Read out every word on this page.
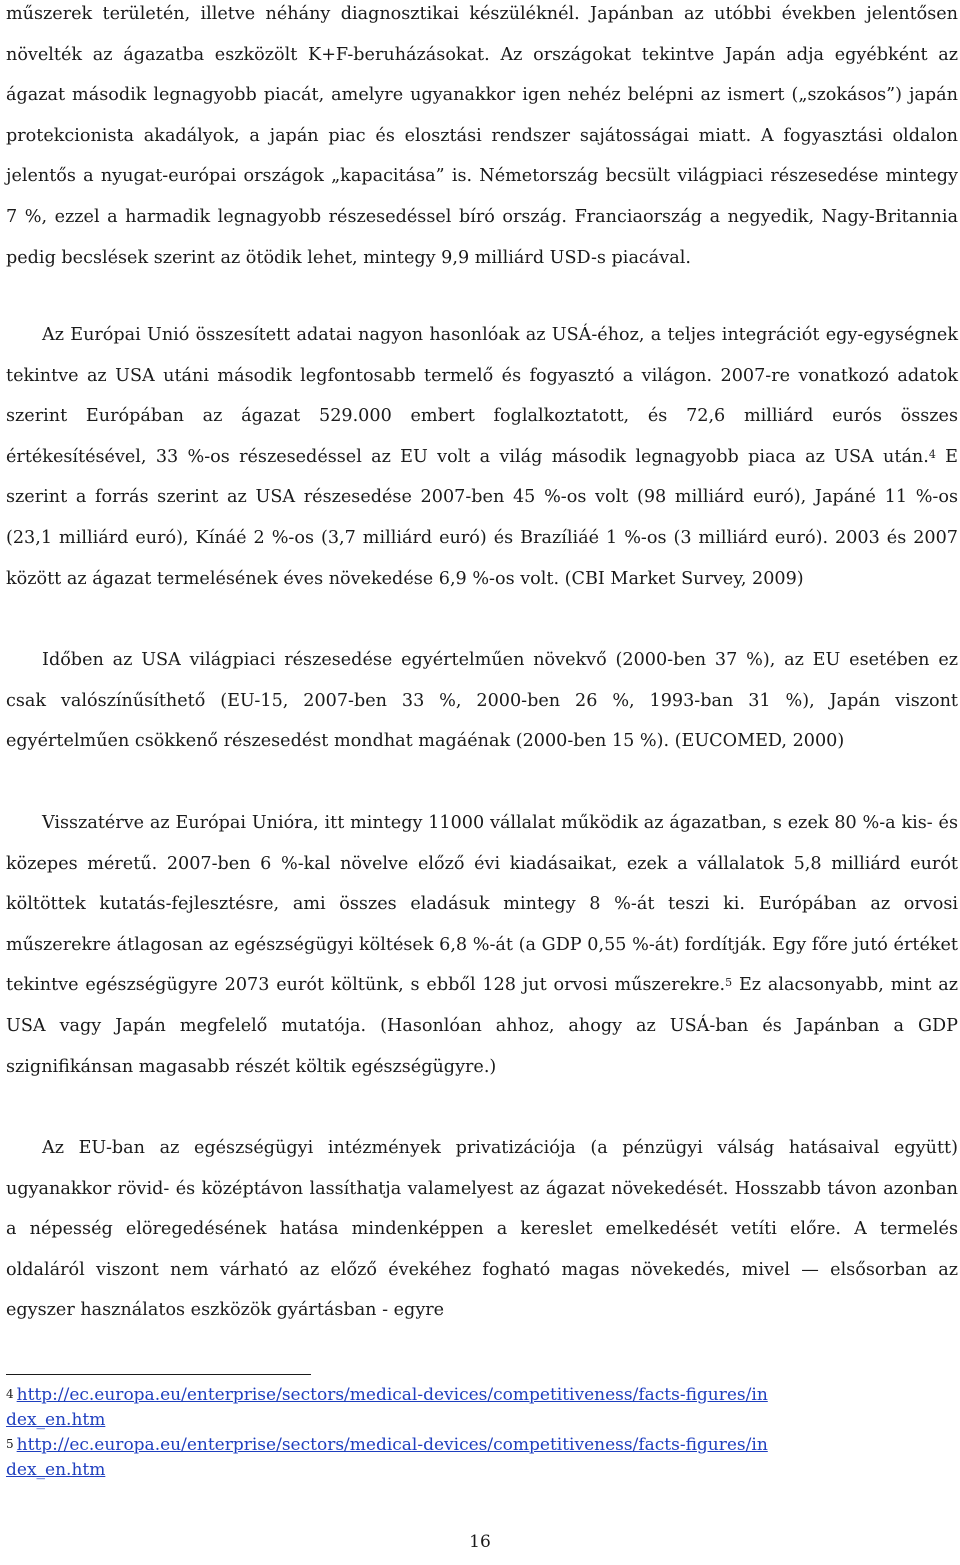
műszerek területén, illetve néhány diagnosztikai készüléknél. Japánban az utóbbi években jelentősen növelték az ágazatba eszközölt K+F-beruházásokat. Az országokat tekintve Japán adja egyébként az ágazat második legnagyobb piacát, amelyre ugyanakkor igen nehéz belépni az ismert („szokásos”) japán protekcionista akadályok, a japán piac és elosztási rendszer sajátosságai miatt. A fogyasztási oldalon jelentős a nyugat-európai országok „kapacitása” is. Németország becsült világpiaci részesedése mintegy 7 %, ezzel a harmadik legnagyobb részesedéssel bíró ország. Franciaország a negyedik, Nagy-Britannia pedig becslések szerint az ötödik lehet, mintegy 9,9 milliárd USD-s piacával.

Az Európai Unió összesített adatai nagyon hasonlóak az USÁ-éhoz, a teljes integrációt egy-egységnek tekintve az USA utáni második legfontosabb termelő és fogyasztó a világon. 2007-re vonatkozó adatok szerint Európában az ágazat 529.000 embert foglalkoztatott, és 72,6 milliárd eurós összes értékesítésével, 33 %-os részesedéssel az EU volt a világ második legnagyobb piaca az USA után.$^4$ E szerint a forrás szerint az USA részesedése 2007-ben 45 %-os volt (98 milliárd euró), Japáné 11 %-os (23,1 milliárd euró), Kínáé 2 %-os (3,7 milliárd euró) és Brazíliáé 1 %-os (3 milliárd euró). 2003 és 2007 között az ágazat termelésének éves növekedése 6,9 %-os volt. (CBI Market Survey, 2009)

Időben az USA világpiaci részesedése egyértelműen növekvő (2000-ben 37 %), az EU esetében ez csak valószínűsíthető (EU-15, 2007-ben 33 %, 2000-ben 26 %, 1993-ban 31 %), Japán viszont egyértelműen csökkenő részesedést mondhat magáénak (2000-ben 15 %). (EUCOMED, 2000)

Visszatérve az Európai Unióra, itt mintegy 11000 vállalat működik az ágazatban, s ezek 80 %-a kis- és közepes méretű. 2007-ben 6 %-kal növelve előző évi kiadásaikat, ezek a vállalatok 5,8 milliárd eurót költöttek kutatás-fejlesztésre, ami összes eladásuk mintegy 8 %-át teszi ki. Európában az orvosi műszerekre átlagosan az egészségügyi költések 6,8 %-át (a GDP 0,55 %-át) fordítják. Egy főre jutó értéket tekintve egészségügyre 2073 eurót költünk, s ebből 128 jut orvosi műszerekre.$^5$ Ez alacsonyabb, mint az USA vagy Japán megfelelő mutatója. (Hasonlóan ahhoz, ahogy az USÁ-ban és Japánban a GDP szignifikánsan magasabb részét költik egészségügyre.)

Az EU-ban az egészségügyi intézmények privatizációja (a pénzügyi válság hatásaival együtt) ugyanakkor rövid- és középtávon lassíthatja valamelyest az ágazat növekedését. Hosszabb távon azonban a népesség elöregedésének hatása mindenképpen a kereslet emelkedését vetíti előre. A termelés oldaláról viszont nem várható az előző évekéhez fogható magas növekedés, mivel — elsősorban az egyszer használatos eszközök gyártásban - egyre

4 http://ec.europa.eu/enterprise/sectors/medical-devices/competitiveness/facts-figures/index_en.htm

5 http://ec.europa.eu/enterprise/sectors/medical-devices/competitiveness/facts-figures/index_en.htm

16
